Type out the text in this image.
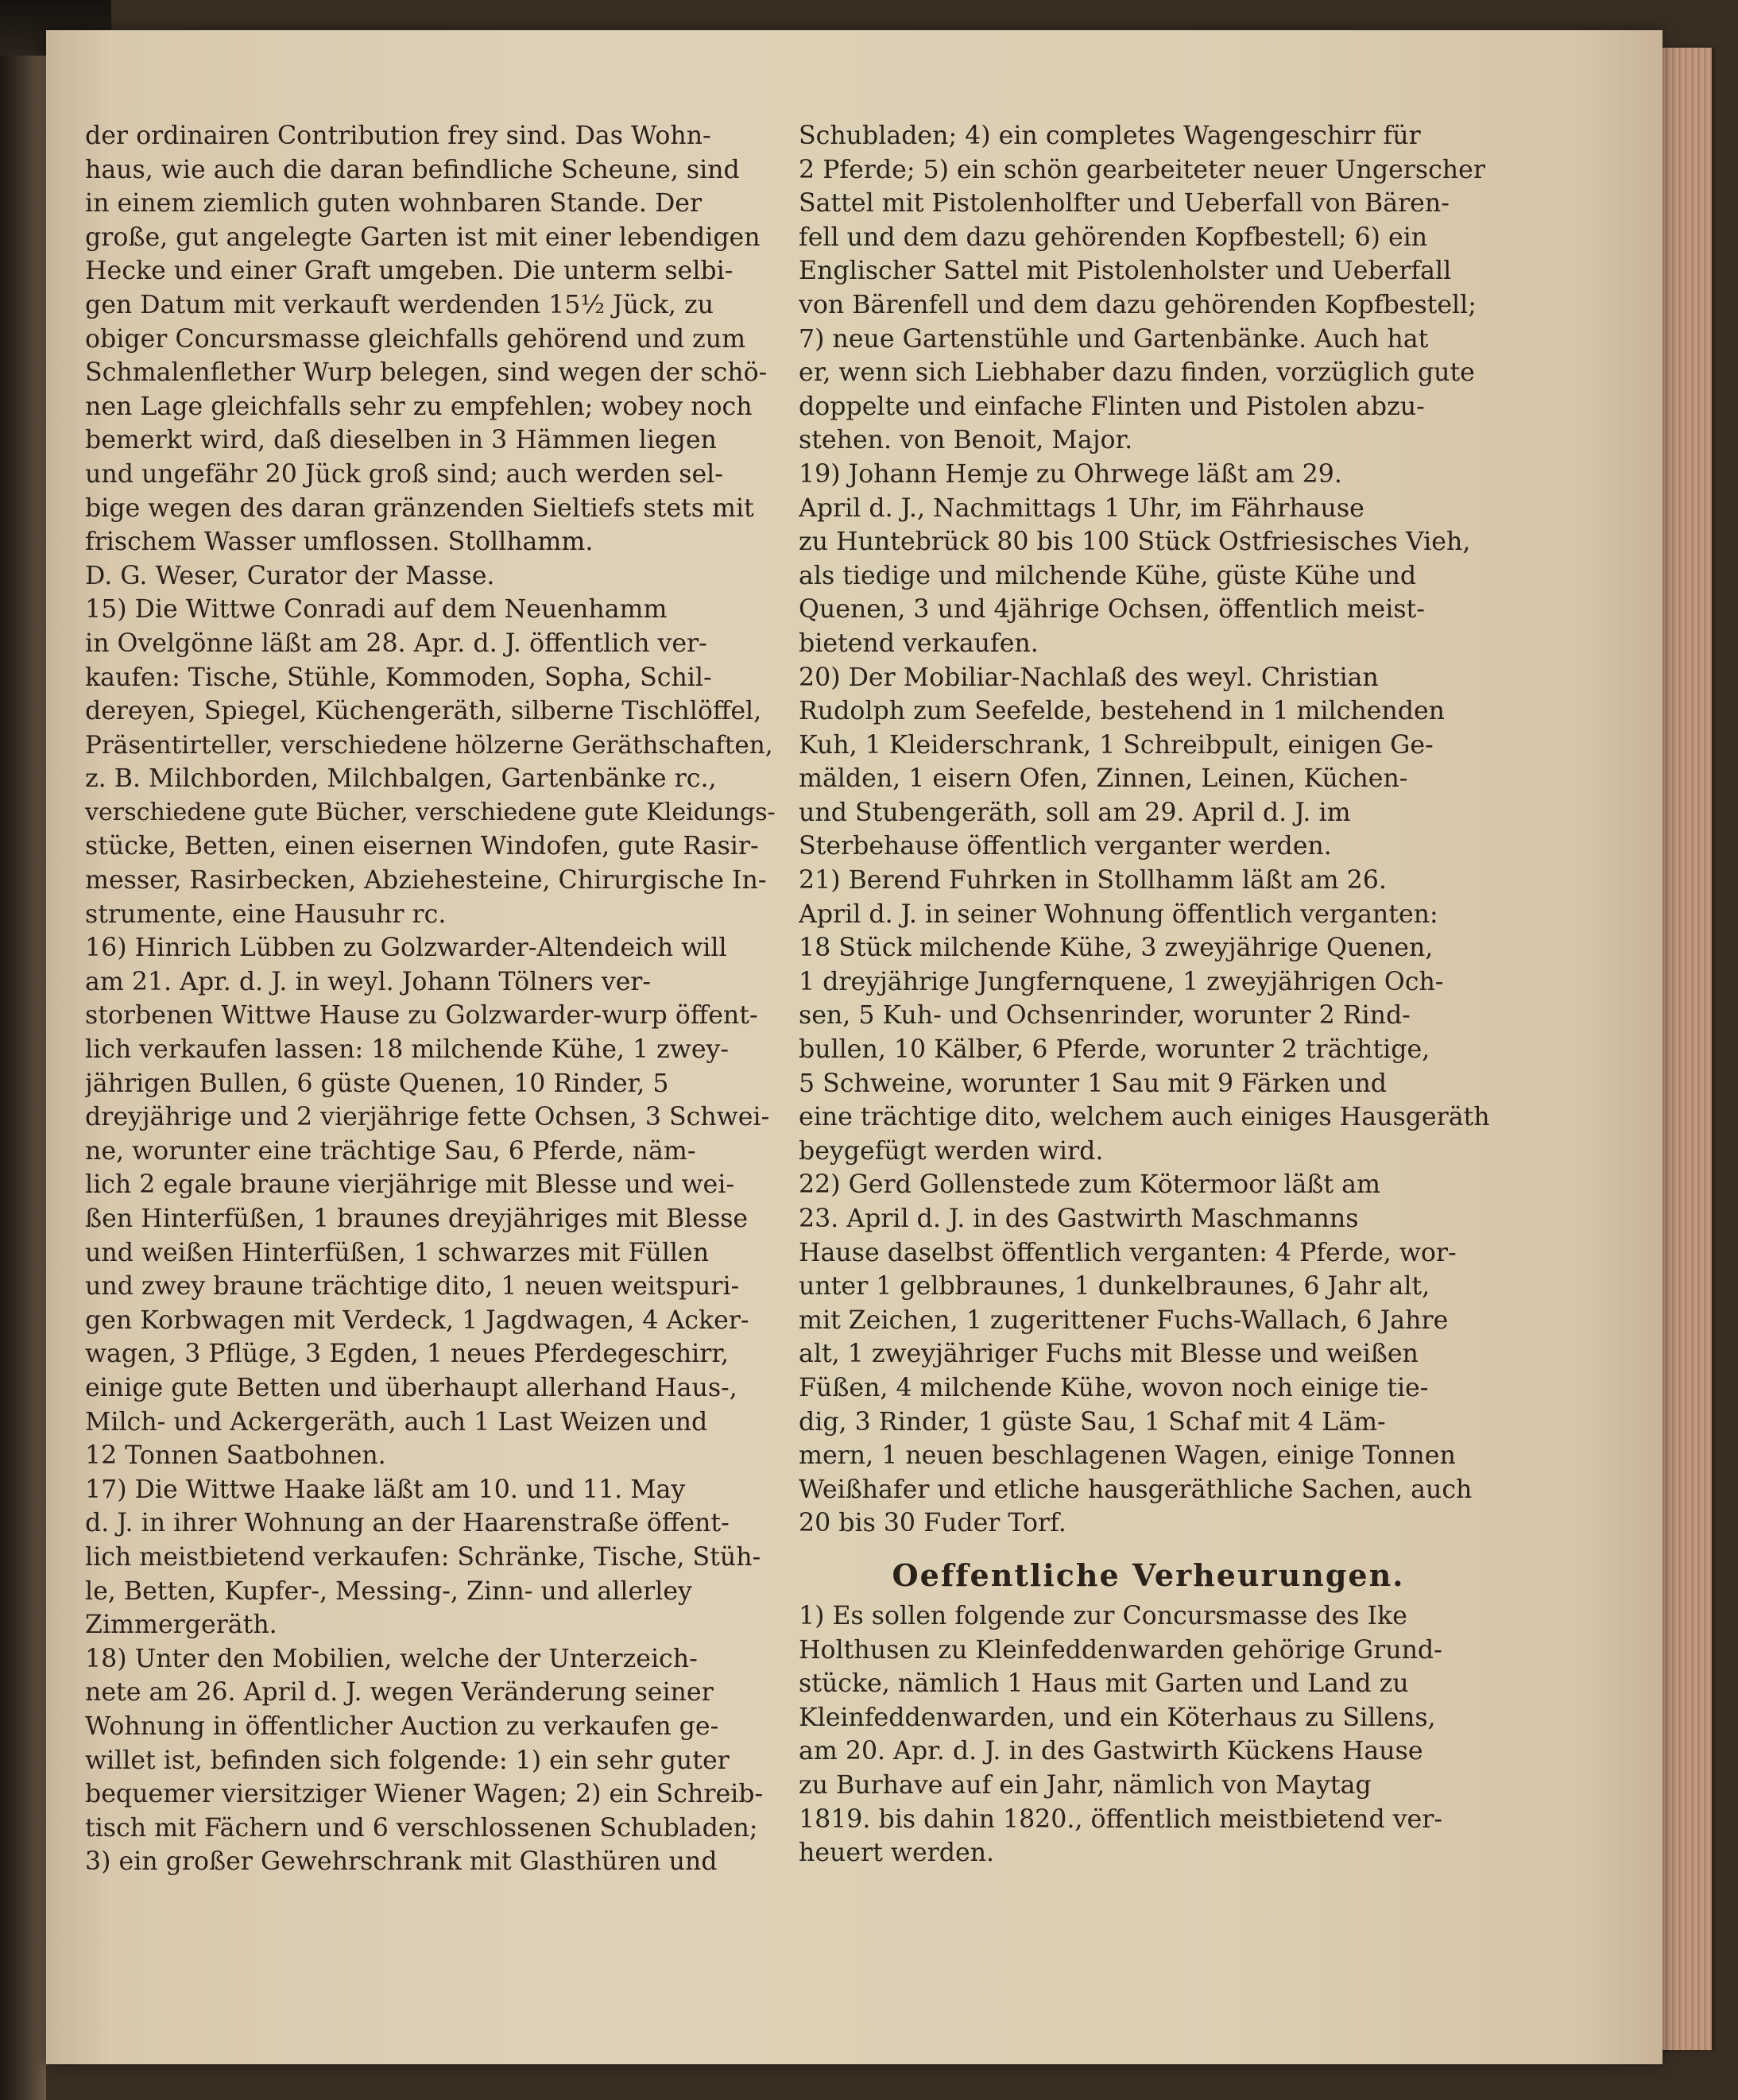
der ordinairen Contribution frey sind. Das Wohn-
haus, wie auch die daran befindliche Scheune, sind
in einem ziemlich guten wohnbaren Stande. Der
große, gut angelegte Garten ist mit einer lebendigen
Hecke und einer Graft umgeben. Die unterm selbi-
gen Datum mit verkauft werdenden 15½ Jück, zu
obiger Concursmasse gleichfalls gehörend und zum
Schmalenflether Wurp belegen, sind wegen der schö-
nen Lage gleichfalls sehr zu empfehlen; wobey noch
bemerkt wird, daß dieselben in 3 Hämmen liegen
und ungefähr 20 Jück groß sind; auch werden sel-
bige wegen des daran gränzenden Sieltiefs stets mit
frischem Wasser umflossen. Stollhamm.
D. G. Weser, Curator der Masse.
15) Die Wittwe Conradi auf dem Neuenhamm
in Ovelgönne läßt am 28. Apr. d. J. öffentlich ver-
kaufen: Tische, Stühle, Kommoden, Sopha, Schil-
dereyen, Spiegel, Küchengeräth, silberne Tischlöffel,
Präsentirteller, verschiedene hölzerne Geräthschaften,
z. B. Milchborden, Milchbalgen, Gartenbänke rc.,
verschiedene gute Bücher, verschiedene gute Kleidungs-
stücke, Betten, einen eisernen Windofen, gute Rasir-
messer, Rasirbecken, Abziehesteine, Chirurgische In-
strumente, eine Hausuhr rc.
16) Hinrich Lübben zu Golzwarder-Altendeich will
am 21. Apr. d. J. in weyl. Johann Tölners ver-
storbenen Wittwe Hause zu Golzwarder-wurp öffent-
lich verkaufen lassen: 18 milchende Kühe, 1 zwey-
jährigen Bullen, 6 güste Quenen, 10 Rinder, 5
dreyjährige und 2 vierjährige fette Ochsen, 3 Schwei-
ne, worunter eine trächtige Sau, 6 Pferde, näm-
lich 2 egale braune vierjährige mit Blesse und wei-
ßen Hinterfüßen, 1 braunes dreyjähriges mit Blesse
und weißen Hinterfüßen, 1 schwarzes mit Füllen
und zwey braune trächtige dito, 1 neuen weitspuri-
gen Korbwagen mit Verdeck, 1 Jagdwagen, 4 Acker-
wagen, 3 Pflüge, 3 Egden, 1 neues Pferdegeschirr,
einige gute Betten und überhaupt allerhand Haus-,
Milch- und Ackergeräth, auch 1 Last Weizen und
12 Tonnen Saatbohnen.
17) Die Wittwe Haake läßt am 10. und 11. May
d. J. in ihrer Wohnung an der Haarenstraße öffent-
lich meistbietend verkaufen: Schränke, Tische, Stüh-
le, Betten, Kupfer-, Messing-, Zinn- und allerley
Zimmergeräth.
18) Unter den Mobilien, welche der Unterzeich-
nete am 26. April d. J. wegen Veränderung seiner
Wohnung in öffentlicher Auction zu verkaufen ge-
willet ist, befinden sich folgende: 1) ein sehr guter
bequemer viersitziger Wiener Wagen; 2) ein Schreib-
tisch mit Fächern und 6 verschlossenen Schubladen;
3) ein großer Gewehrschrank mit Glasthüren und
Schubladen; 4) ein completes Wagengeschirr für
2 Pferde; 5) ein schön gearbeiteter neuer Ungerscher
Sattel mit Pistolenholfter und Ueberfall von Bären-
fell und dem dazu gehörenden Kopfbestell; 6) ein
Englischer Sattel mit Pistolenholster und Ueberfall
von Bärenfell und dem dazu gehörenden Kopfbestell;
7) neue Gartenstühle und Gartenbänke. Auch hat
er, wenn sich Liebhaber dazu finden, vorzüglich gute
doppelte und einfache Flinten und Pistolen abzu-
stehen. von Benoit, Major.
19) Johann Hemje zu Ohrwege läßt am 29.
April d. J., Nachmittags 1 Uhr, im Fährhause
zu Huntebrück 80 bis 100 Stück Ostfriesisches Vieh,
als tiedige und milchende Kühe, güste Kühe und
Quenen, 3 und 4jährige Ochsen, öffentlich meist-
bietend verkaufen.
20) Der Mobiliar-Nachlaß des weyl. Christian
Rudolph zum Seefelde, bestehend in 1 milchenden
Kuh, 1 Kleiderschrank, 1 Schreibpult, einigen Ge-
mälden, 1 eisern Ofen, Zinnen, Leinen, Küchen-
und Stubengeräth, soll am 29. April d. J. im
Sterbehause öffentlich verganter werden.
21) Berend Fuhrken in Stollhamm läßt am 26.
April d. J. in seiner Wohnung öffentlich verganten:
18 Stück milchende Kühe, 3 zweyjährige Quenen,
1 dreyjährige Jungfernquene, 1 zweyjährigen Och-
sen, 5 Kuh- und Ochsenrinder, worunter 2 Rind-
bullen, 10 Kälber, 6 Pferde, worunter 2 trächtige,
5 Schweine, worunter 1 Sau mit 9 Färken und
eine trächtige dito, welchem auch einiges Hausgeräth
beygefügt werden wird.
22) Gerd Gollenstede zum Kötermoor läßt am
23. April d. J. in des Gastwirth Maschmanns
Hause daselbst öffentlich verganten: 4 Pferde, wor-
unter 1 gelbbraunes, 1 dunkelbraunes, 6 Jahr alt,
mit Zeichen, 1 zugerittener Fuchs-Wallach, 6 Jahre
alt, 1 zweyjähriger Fuchs mit Blesse und weißen
Füßen, 4 milchende Kühe, wovon noch einige tie-
dig, 3 Rinder, 1 güste Sau, 1 Schaf mit 4 Läm-
mern, 1 neuen beschlagenen Wagen, einige Tonnen
Weißhafer und etliche hausgeräthliche Sachen, auch
20 bis 30 Fuder Torf.
Oeffentliche Verheurungen.
1) Es sollen folgende zur Concursmasse des Ike
Holthusen zu Kleinfeddenwarden gehörige Grund-
stücke, nämlich 1 Haus mit Garten und Land zu
Kleinfeddenwarden, und ein Köterhaus zu Sillens,
am 20. Apr. d. J. in des Gastwirth Kückens Hause
zu Burhave auf ein Jahr, nämlich von Maytag
1819. bis dahin 1820., öffentlich meistbietend ver-
heuert werden.
